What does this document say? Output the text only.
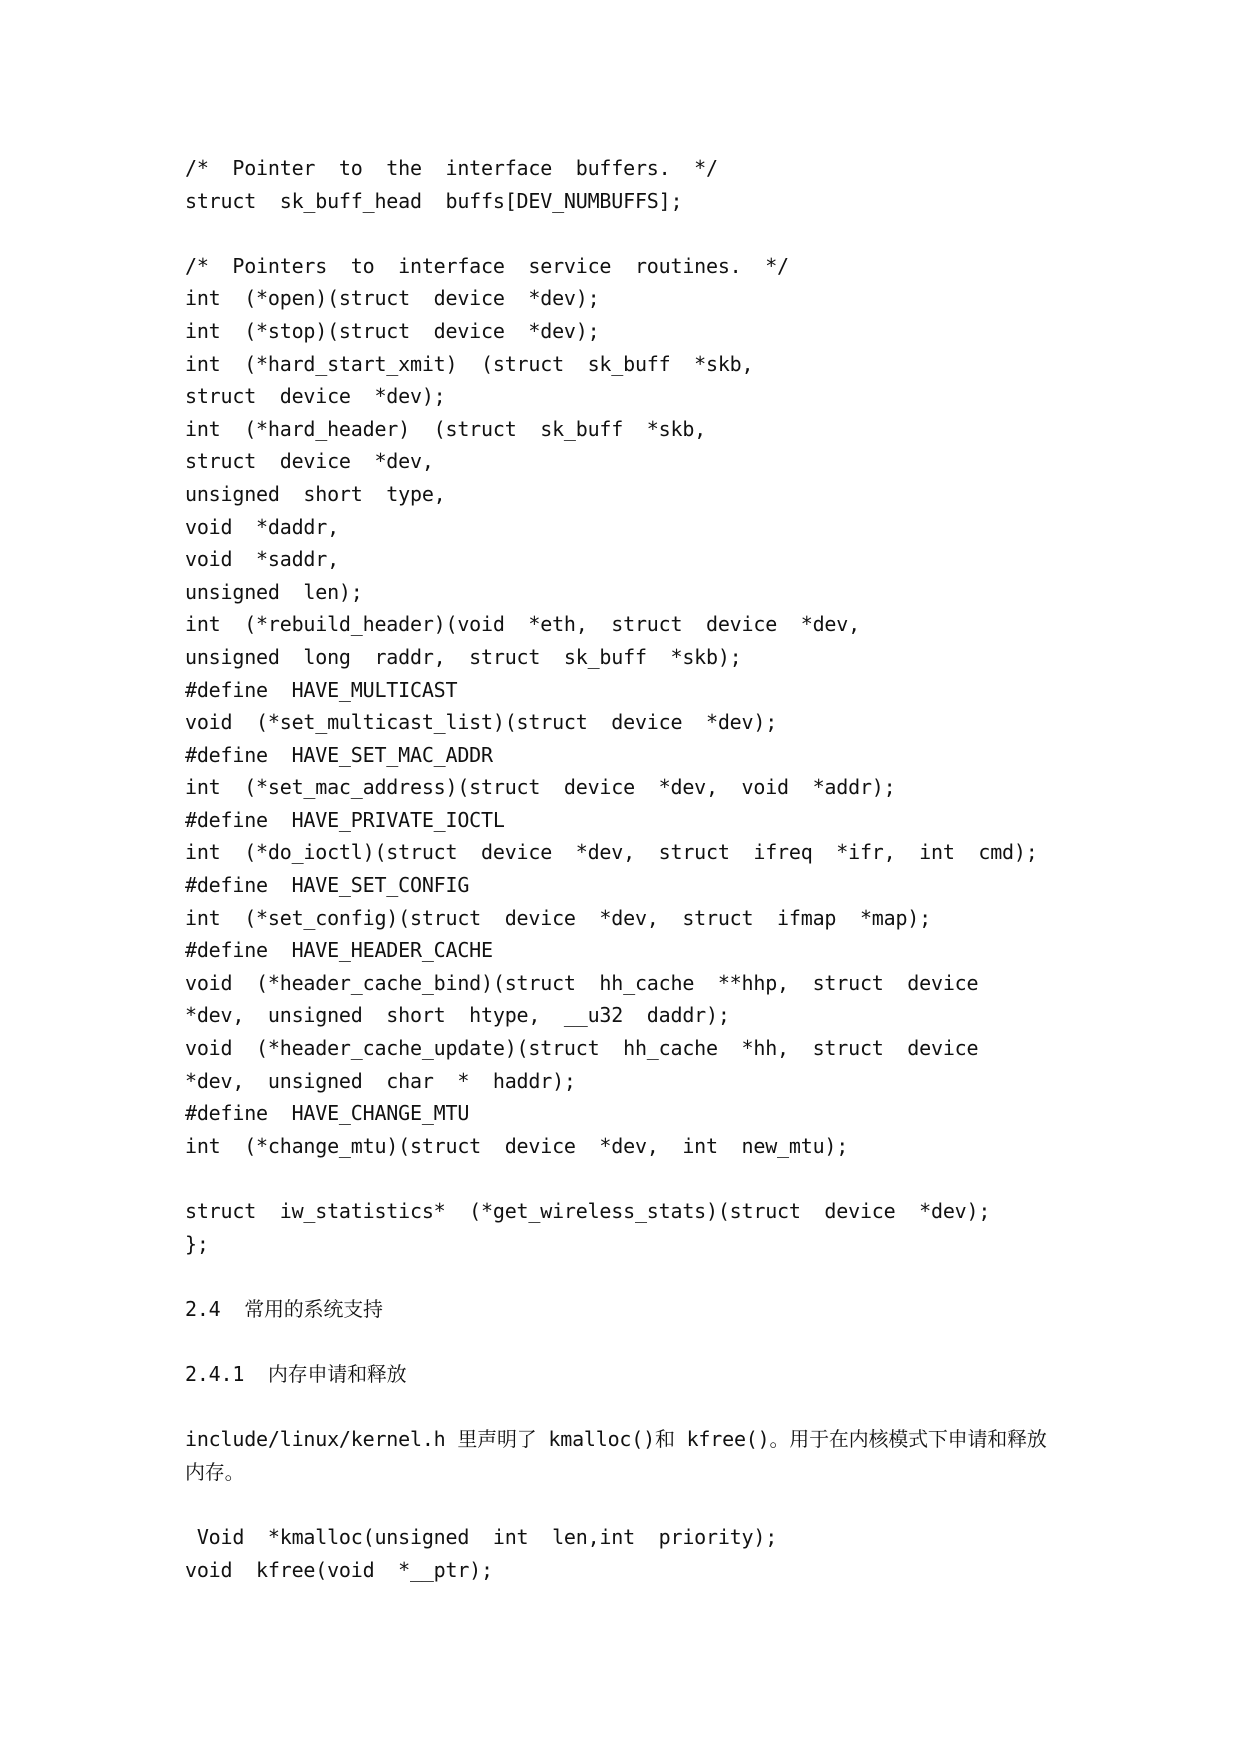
/*  Pointer  to  the  interface  buffers.  */
struct  sk_buff_head  buffs[DEV_NUMBUFFS];
/*  Pointers  to  interface  service  routines.  */
int  (*open)(struct  device  *dev);
int  (*stop)(struct  device  *dev);
int  (*hard_start_xmit)  (struct  sk_buff  *skb,
struct  device  *dev);
int  (*hard_header)  (struct  sk_buff  *skb,
struct  device  *dev,
unsigned  short  type,
void  *daddr,
void  *saddr,
unsigned  len);
int  (*rebuild_header)(void  *eth,  struct  device  *dev,
unsigned  long  raddr,  struct  sk_buff  *skb);
#define  HAVE_MULTICAST
void  (*set_multicast_list)(struct  device  *dev);
#define  HAVE_SET_MAC_ADDR
int  (*set_mac_address)(struct  device  *dev,  void  *addr);
#define  HAVE_PRIVATE_IOCTL
int  (*do_ioctl)(struct  device  *dev,  struct  ifreq  *ifr,  int  cmd);
#define  HAVE_SET_CONFIG
int  (*set_config)(struct  device  *dev,  struct  ifmap  *map);
#define  HAVE_HEADER_CACHE
void  (*header_cache_bind)(struct  hh_cache  **hhp,  struct  device
*dev,  unsigned  short  htype,  __u32  daddr);
void  (*header_cache_update)(struct  hh_cache  *hh,  struct  device
*dev,  unsigned  char  *  haddr);
#define  HAVE_CHANGE_MTU
int  (*change_mtu)(struct  device  *dev,  int  new_mtu);
struct  iw_statistics*  (*get_wireless_stats)(struct  device  *dev);
};
2.4  常用的系统支持
2.4.1  内存申请和释放
include/linux/kernel.h 里声明了 kmalloc()和 kfree()。用于在内核模式下申请和释放内存。
Void  *kmalloc(unsigned  int  len,int  priority);
void  kfree(void  *__ptr);
